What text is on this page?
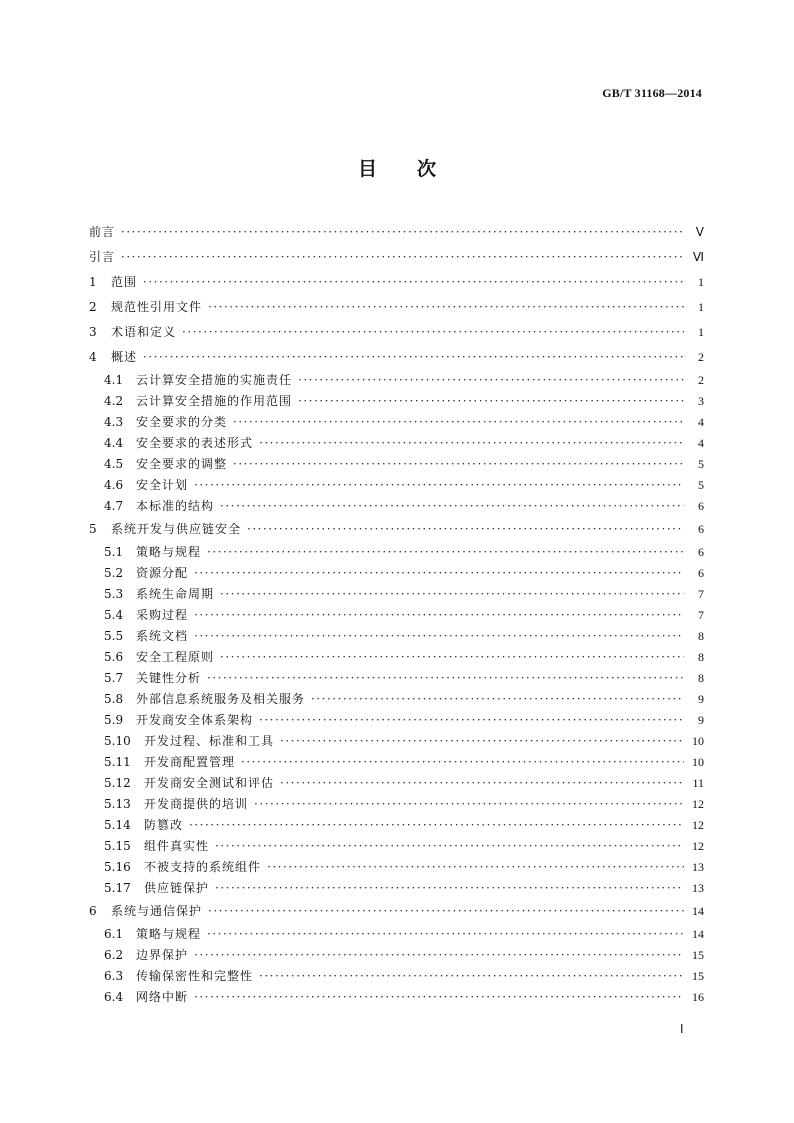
GB/T 31168—2014
目次
前言 ·····	Ⅴ
引言 ·····	Ⅵ
1	范围 ·····	1
2	规范性引用文件 ·····	1
3	术语和定义 ·····	1
4	概述 ·····	2
4.1	云计算安全措施的实施责任 ·····	2
4.2	云计算安全措施的作用范围 ·····	3
4.3	安全要求的分类 ·····	4
4.4	安全要求的表述形式 ·····	4
4.5	安全要求的调整 ·····	5
4.6	安全计划 ·····	5
4.7	本标准的结构 ·····	6
5	系统开发与供应链安全 ·····	6
5.1	策略与规程 ·····	6
5.2	资源分配 ·····	6
5.3	系统生命周期 ·····	7
5.4	采购过程 ·····	7
5.5	系统文档 ·····	8
5.6	安全工程原则 ·····	8
5.7	关键性分析 ·····	8
5.8	外部信息系统服务及相关服务 ·····	9
5.9	开发商安全体系架构 ·····	9
5.10	开发过程、标准和工具 ·····	10
5.11	开发商配置管理 ·····	10
5.12	开发商安全测试和评估 ·····	11
5.13	开发商提供的培训 ·····	12
5.14	防篡改 ·····	12
5.15	组件真实性 ·····	12
5.16	不被支持的系统组件 ·····	13
5.17	供应链保护 ·····	13
6	系统与通信保护 ·····	14
6.1	策略与规程 ·····	14
6.2	边界保护 ·····	15
6.3	传输保密性和完整性 ·····	15
6.4	网络中断 ·····	16
Ⅰ
